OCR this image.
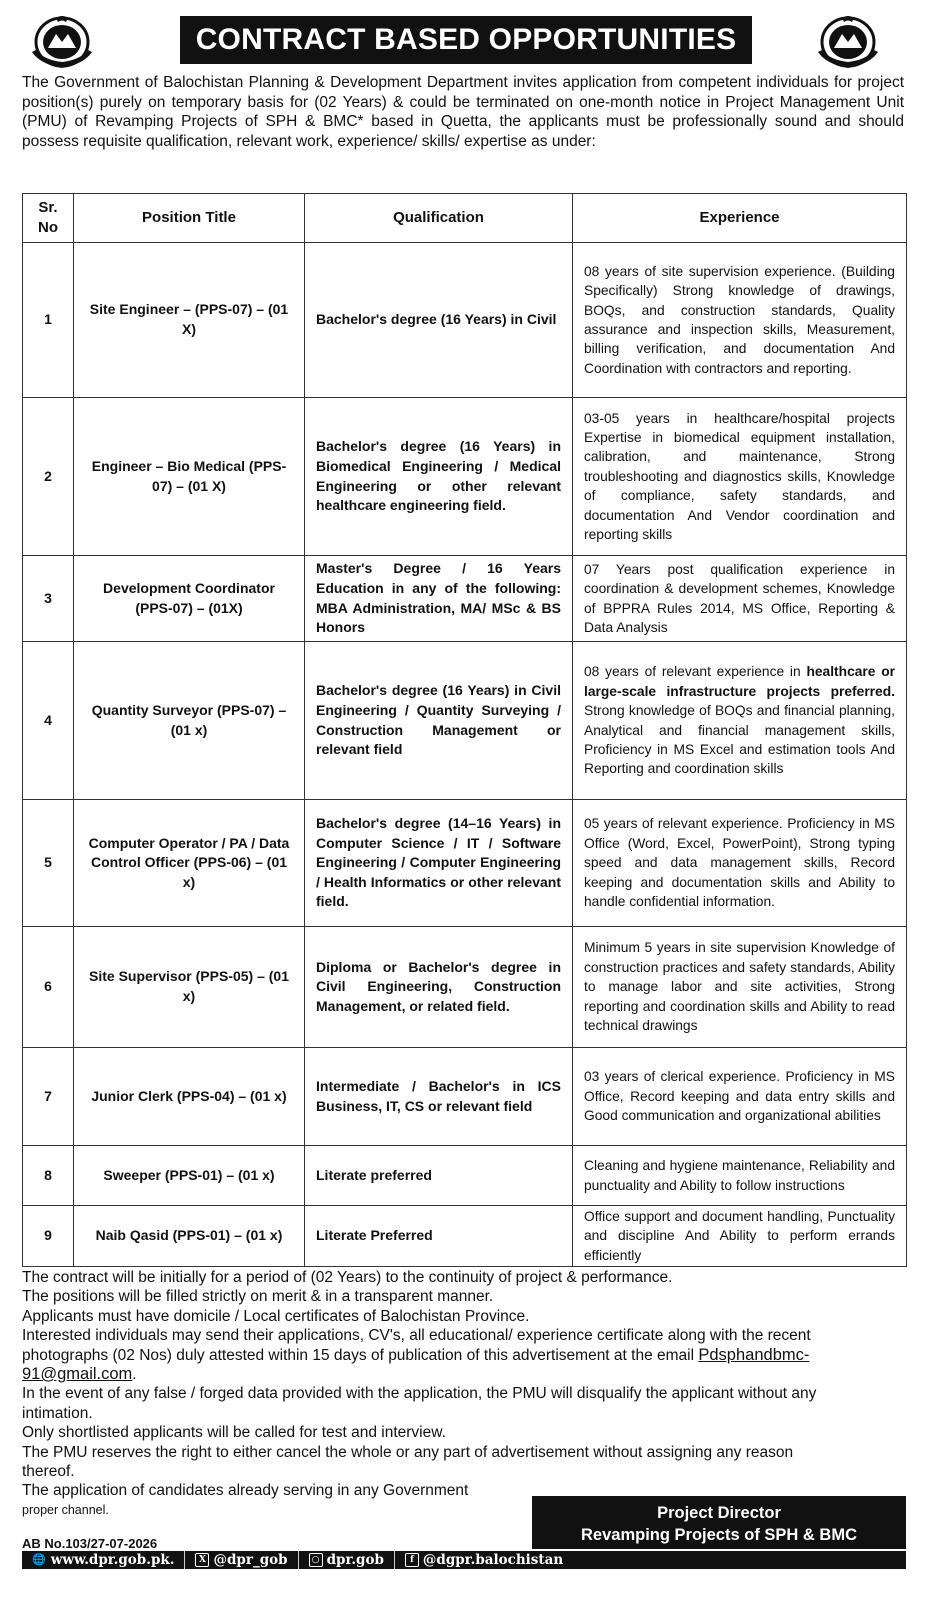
CONTRACT BASED OPPORTUNITIES
The Government of Balochistan Planning & Development Department invites application from competent individuals for project position(s) purely on temporary basis for (02 Years) & could be terminated on one-month notice in Project Management Unit (PMU) of Revamping Projects of SPH & BMC* based in Quetta, the applicants must be professionally sound and should possess requisite qualification, relevant work, experience/ skills/ expertise as under:
Sr. No	Position Title	Qualification	Experience
1	Site Engineer – (PPS-07) – (01 X)	Bachelor's degree (16 Years) in Civil	08 years of site supervision experience. (Building Specifically) Strong knowledge of drawings, BOQs, and construction standards, Quality assurance and inspection skills, Measurement, billing verification, and documentation And Coordination with contractors and reporting.
2	Engineer – Bio Medical (PPS-07) – (01 X)	Bachelor's degree (16 Years) in Biomedical Engineering / Medical Engineering or other relevant healthcare engineering field.	03-05 years in healthcare/hospital projects Expertise in biomedical equipment installation, calibration, and maintenance, Strong troubleshooting and diagnostics skills, Knowledge of compliance, safety standards, and documentation And Vendor coordination and reporting skills
3	Development Coordinator (PPS-07) – (01X)	Master's Degree / 16 Years Education in any of the following: MBA Administration, MA/ MSc & BS Honors	07 Years post qualification experience in coordination & development schemes, Knowledge of BPPRA Rules 2014, MS Office, Reporting & Data Analysis
4	Quantity Surveyor (PPS-07) – (01 x)	Bachelor's degree (16 Years) in Civil Engineering / Quantity Surveying / Construction Management or relevant field	08 years of relevant experience in healthcare or large-scale infrastructure projects preferred. Strong knowledge of BOQs and financial planning, Analytical and financial management skills, Proficiency in MS Excel and estimation tools And Reporting and coordination skills
5	Computer Operator / PA / Data Control Officer (PPS-06) – (01 x)	Bachelor's degree (14–16 Years) in Computer Science / IT / Software Engineering / Computer Engineering / Health Informatics or other relevant field.	05 years of relevant experience. Proficiency in MS Office (Word, Excel, PowerPoint), Strong typing speed and data management skills, Record keeping and documentation skills and Ability to handle confidential information.
6	Site Supervisor (PPS-05) – (01 x)	Diploma or Bachelor's degree in Civil Engineering, Construction Management, or related field.	Minimum 5 years in site supervision Knowledge of construction practices and safety standards, Ability to manage labor and site activities, Strong reporting and coordination skills and Ability to read technical drawings
7	Junior Clerk (PPS-04) – (01 x)	Intermediate / Bachelor's in ICS Business, IT, CS or relevant field	03 years of clerical experience. Proficiency in MS Office, Record keeping and data entry skills and Good communication and organizational abilities
8	Sweeper (PPS-01) – (01 x)	Literate preferred	Cleaning and hygiene maintenance, Reliability and punctuality and Ability to follow instructions
9	Naib Qasid (PPS-01) – (01 x)	Literate Preferred	Office support and document handling, Punctuality and discipline And Ability to perform errands efficiently

The contract will be initially for a period of (02 Years) to the continuity of project & performance.

The positions will be filled strictly on merit & in a transparent manner.

Applicants must have domicile / Local certificates of Balochistan Province.

Interested individuals may send their applications, CV's, all educational/ experience certificate along with the recent photographs (02 Nos) duly attested within 15 days of publication of this advertisement at the email Pdsphandbmc-91@gmail.com.

In the event of any false / forged data provided with the application, the PMU will disqualify the applicant without any intimation.

Only shortlisted applicants will be called for test and interview.

The PMU reserves the right to either cancel the whole or any part of advertisement without assigning any reason thereof.

The application of candidates already serving in any Government

proper channel.	Project Director
Revamping Projects of SPH & BMC
AB No.103/27-07-2026
🌐 www.dpr.gob.pk.	X @dpr_gob	○ dpr.gob	f @dgpr.balochistan
